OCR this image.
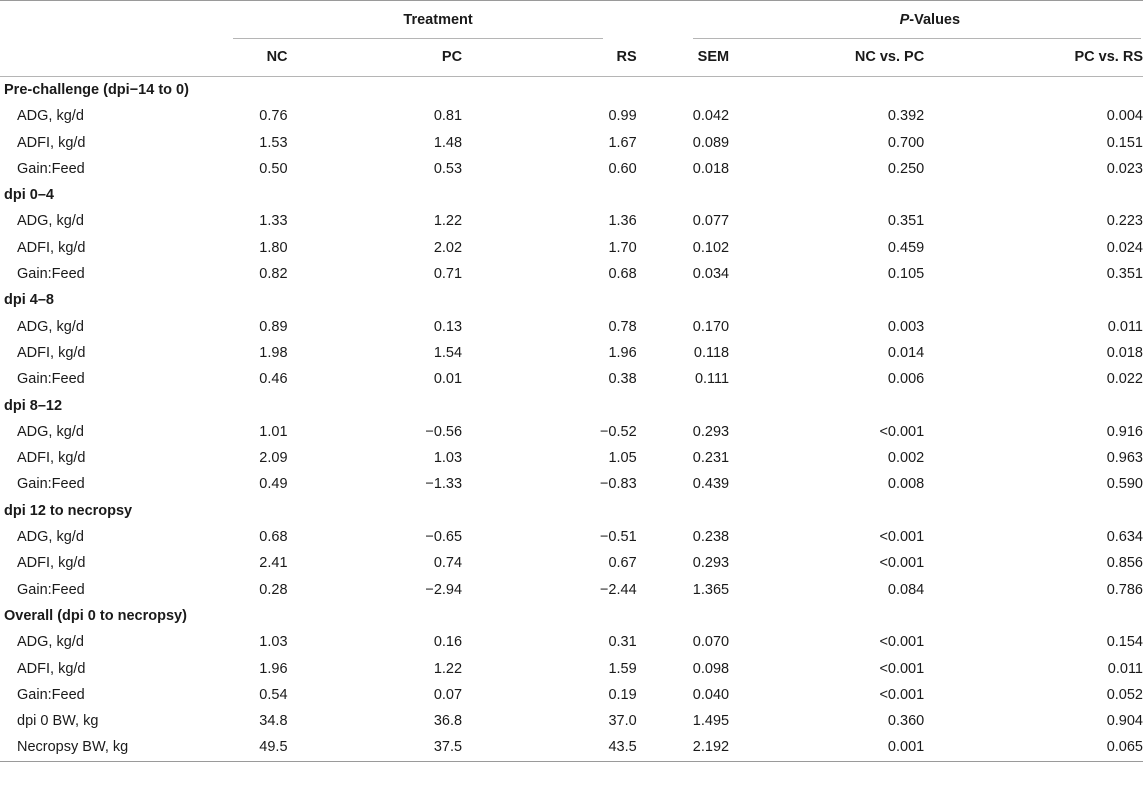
	Treatment			P-Values		
	NC	PC	RS	SEM	NC vs. PC	PC vs. RS
Pre-challenge (dpi−14 to 0)						
ADG, kg/d	0.76	0.81	0.99	0.042	0.392	0.004
ADFI, kg/d	1.53	1.48	1.67	0.089	0.700	0.151
Gain:Feed	0.50	0.53	0.60	0.018	0.250	0.023
dpi 0–4						
ADG, kg/d	1.33	1.22	1.36	0.077	0.351	0.223
ADFI, kg/d	1.80	2.02	1.70	0.102	0.459	0.024
Gain:Feed	0.82	0.71	0.68	0.034	0.105	0.351
dpi 4–8						
ADG, kg/d	0.89	0.13	0.78	0.170	0.003	0.011
ADFI, kg/d	1.98	1.54	1.96	0.118	0.014	0.018
Gain:Feed	0.46	0.01	0.38	0.111	0.006	0.022
dpi 8–12						
ADG, kg/d	1.01	−0.56	−0.52	0.293	<0.001	0.916
ADFI, kg/d	2.09	1.03	1.05	0.231	0.002	0.963
Gain:Feed	0.49	−1.33	−0.83	0.439	0.008	0.590
dpi 12 to necropsy						
ADG, kg/d	0.68	−0.65	−0.51	0.238	<0.001	0.634
ADFI, kg/d	2.41	0.74	0.67	0.293	<0.001	0.856
Gain:Feed	0.28	−2.94	−2.44	1.365	0.084	0.786
Overall (dpi 0 to necropsy)						
ADG, kg/d	1.03	0.16	0.31	0.070	<0.001	0.154
ADFI, kg/d	1.96	1.22	1.59	0.098	<0.001	0.011
Gain:Feed	0.54	0.07	0.19	0.040	<0.001	0.052
dpi 0 BW, kg	34.8	36.8	37.0	1.495	0.360	0.904
Necropsy BW, kg	49.5	37.5	43.5	2.192	0.001	0.065
